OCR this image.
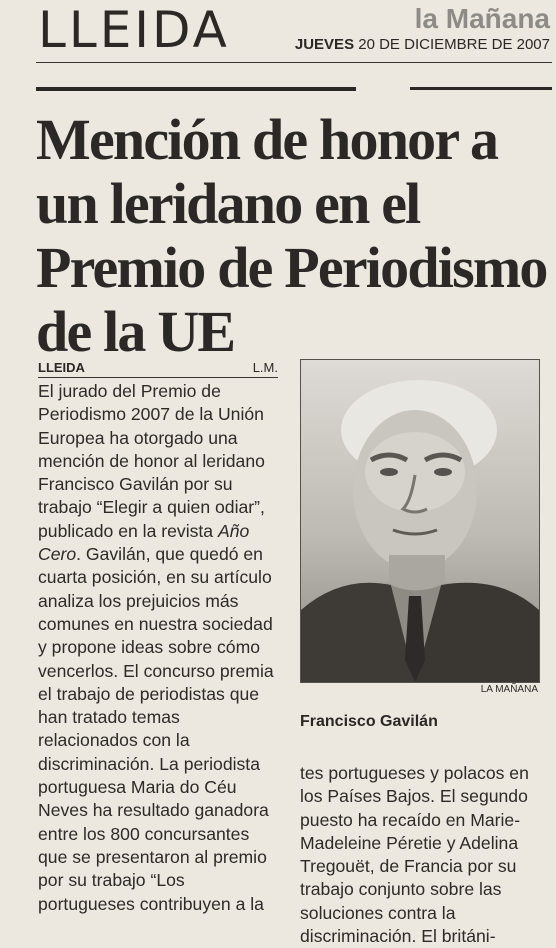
LLEIDA	la Mañana
JUEVES 20 DE DICIEMBRE DE 2007
Mención de honor a un leridano en el Premio de Periodismo de la UE
LLEIDA	L.M.

El jurado del Premio de Periodismo 2007 de la Unión Europea ha otorgado una mención de honor al leridano Francisco Gavilán por su trabajo “Elegir a quien odiar”, publicado en la revista Año Cero. Gavilán, que quedó en cuarta posición, en su artículo analiza los prejuicios más comunes en nuestra sociedad y propone ideas sobre cómo vencerlos. El concurso premia el trabajo de periodistas que han tratado temas relacionados con la discriminación. La periodista portuguesa Maria do Céu Neves ha resultado ganadora entre los 800 concursantes que se presentaron al premio por su trabajo “Los portugueses contribuyen a la

LA MAÑANA
Francisco Gavilán

tes portugueses y polacos en los Países Bajos. El segundo puesto ha recaído en Marie-Madeleine Péretie y Adelina Tregouët, de Francia por su trabajo conjunto sobre las soluciones contra la discriminación. El británi-
